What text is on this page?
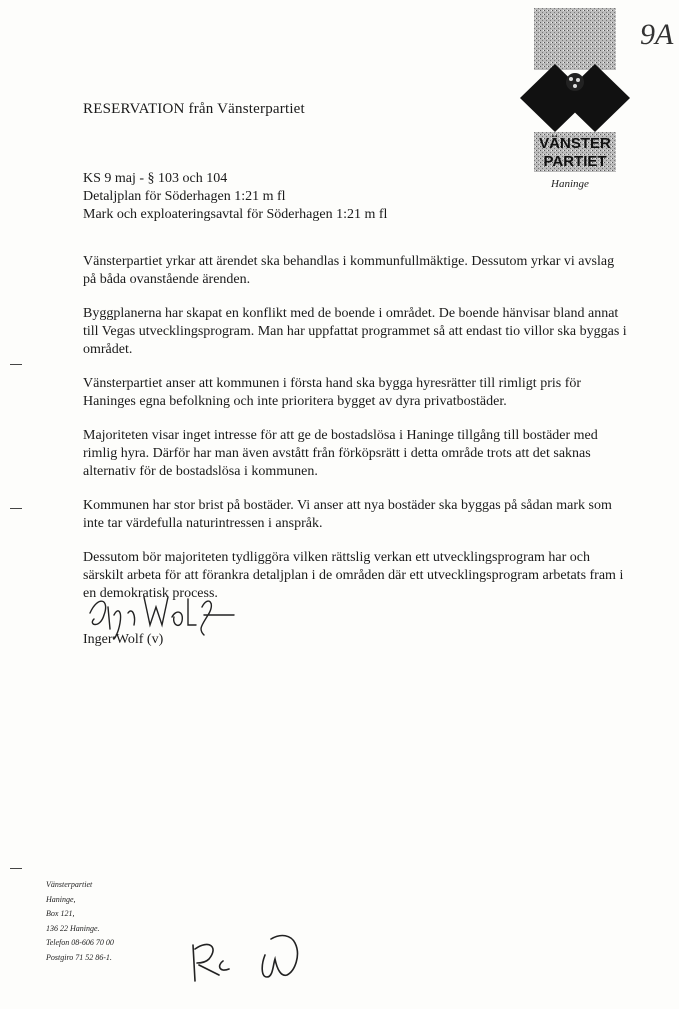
9A
VÄNSTER
PARTIET
Haninge
RESERVATION från Vänsterpartiet
KS 9 maj - § 103 och 104
Detaljplan för Söderhagen 1:21 m fl
Mark och exploateringsavtal för Söderhagen 1:21 m fl

Vänsterpartiet yrkar att ärendet ska behandlas i kommunfullmäktige. Dessutom yrkar vi avslag på båda ovanstående ärenden.

Byggplanerna har skapat en konflikt med de boende i området. De boende hänvisar bland annat till Vegas utvecklingsprogram. Man har uppfattat programmet så att endast tio villor ska byggas i området.

Vänsterpartiet anser att kommunen i första hand ska bygga hyresrätter till rimligt pris för Haninges egna befolkning och inte prioritera bygget av dyra privatbostäder.

Majoriteten visar inget intresse för att ge de bostadslösa i Haninge tillgång till bostäder med rimlig hyra. Därför har man även avstått från förköpsrätt i detta område trots att det saknas alternativ för de bostadslösa i kommunen.

Kommunen har stor brist på bostäder. Vi anser att nya bostäder ska byggas på sådan mark som inte tar värdefulla naturintressen i anspråk.

Dessutom bör majoriteten tydliggöra vilken rättslig verkan ett utvecklingsprogram har och särskilt arbeta för att förankra detaljplan i de områden där ett utvecklingsprogram arbetats fram i en demokratisk process.

Inger Wolf (v)
Vänsterpartiet
Haninge,
Box 121,
136 22 Haninge.
Telefon 08-606 70 00
Postgiro 71 52 86-1.
